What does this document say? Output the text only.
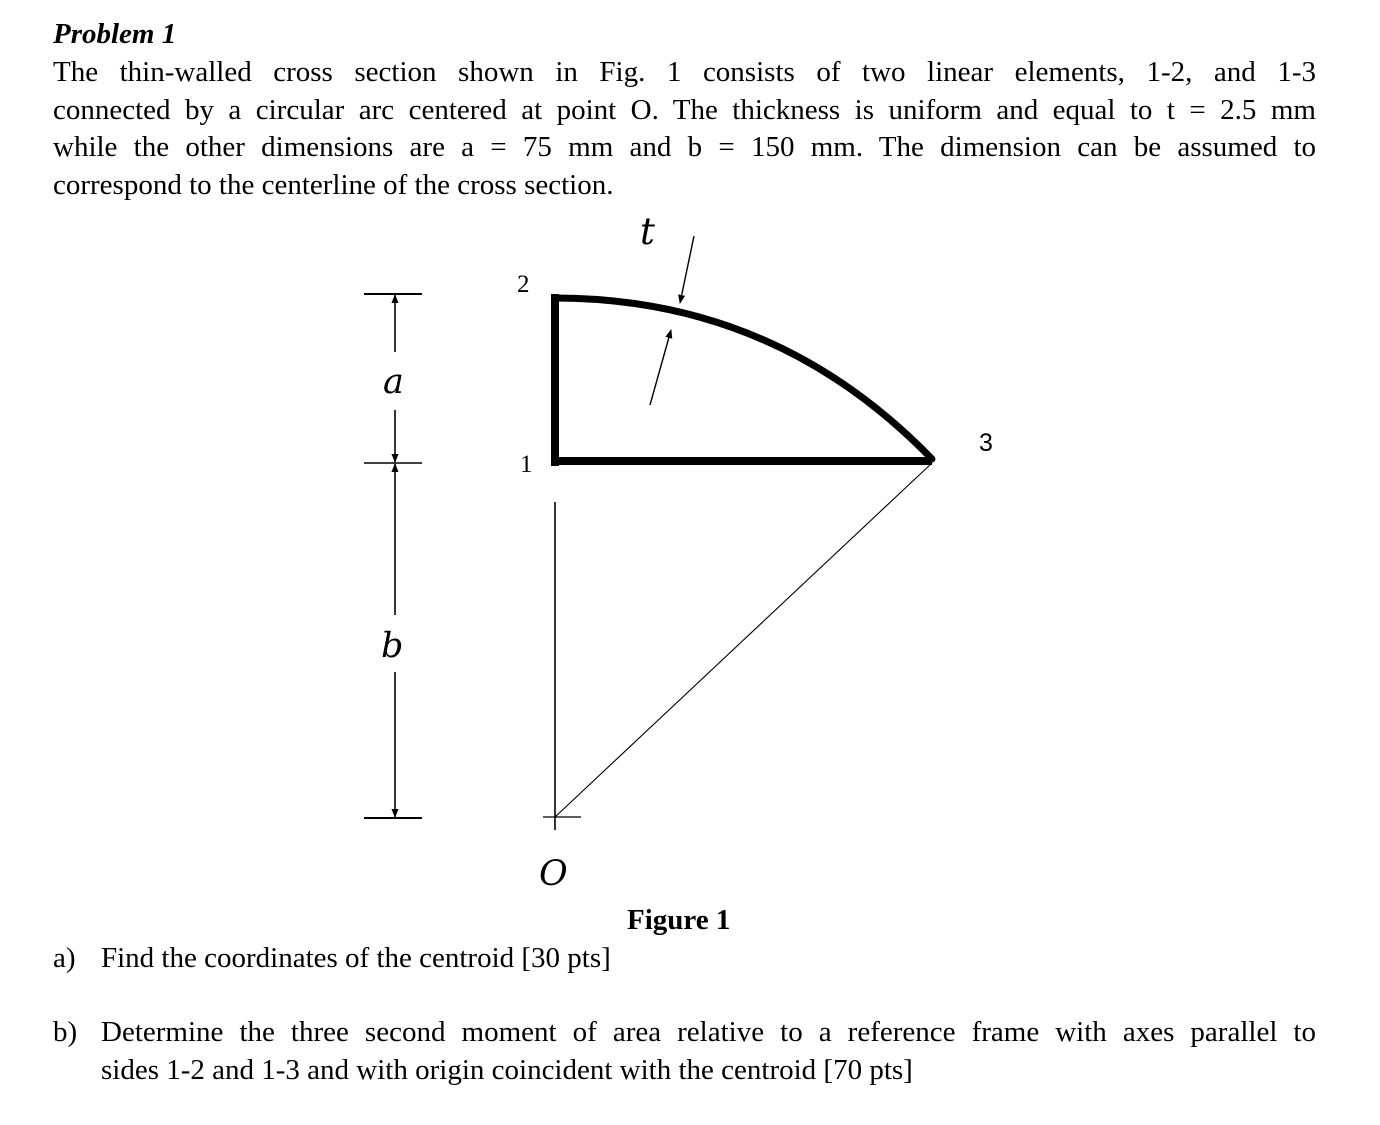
Problem 1
The thin-walled cross section shown in Fig. 1 consists of two linear elements, 1-2, and 1-3
connected by a circular arc centered at point O. The thickness is uniform and equal to t = 2.5 mm
while the other dimensions are a = 75 mm and b = 150 mm. The dimension can be assumed to
correspond to the centerline of the cross section.
t
a
b
O
2
1
3
Figure 1
a) Find the coordinates of the centroid [30 pts]
b) Determine the three second moment of area relative to a reference frame with axes parallel to
sides 1-2 and 1-3 and with origin coincident with the centroid [70 pts]
